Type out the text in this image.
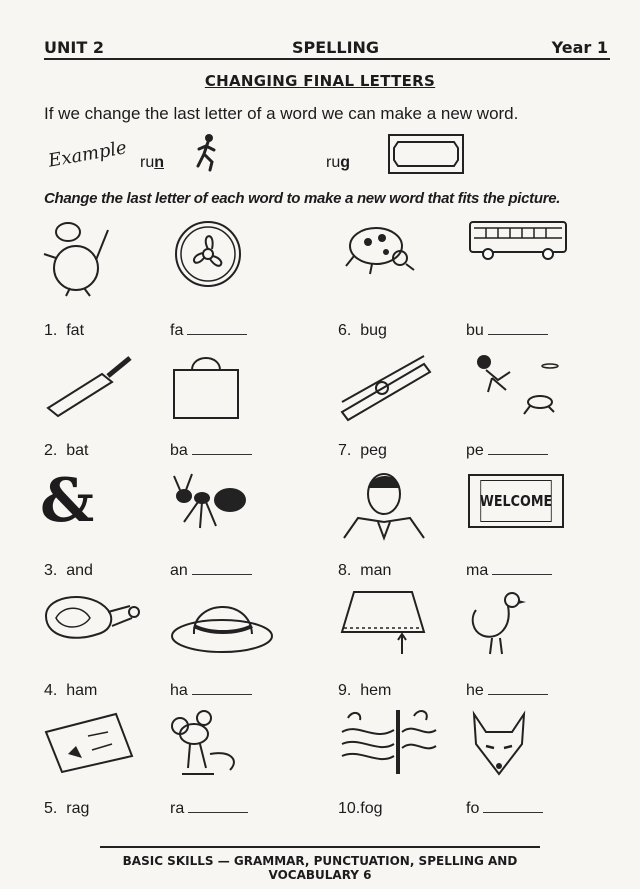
UNIT 2	SPELLING	Year 1
CHANGING FINAL LETTERS
If we change the last letter of a word we can make a new word.
Example run	rug
Change the last letter of each word to make a new word that fits the picture.
1. fat	fa	6. bug	bu
2. bat	ba	7. peg	pe
&	WELCOME
3. and	an	8. man	ma
4. ham	ha	9. hem	he
5. rag	ra	10.fog	fo
BASIC SKILLS — GRAMMAR, PUNCTUATION, SPELLING AND VOCABULARY 6
